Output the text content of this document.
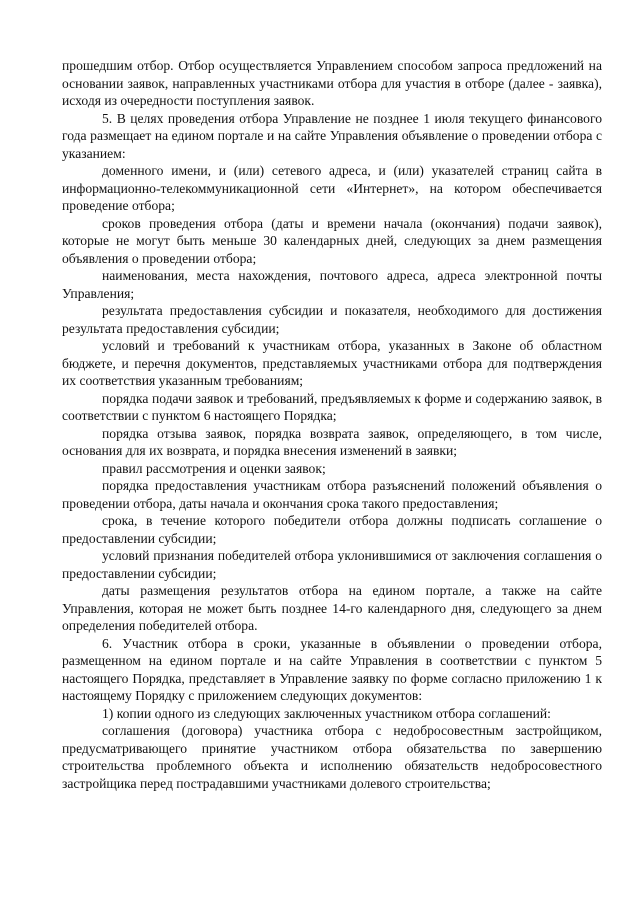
прошедшим отбор. Отбор осуществляется Управлением способом запроса предложений на основании заявок, направленных участниками отбора для участия в отборе (далее - заявка), исходя из очередности поступления заявок.

5. В целях проведения отбора Управление не позднее 1 июля текущего финансового года размещает на едином портале и на сайте Управления объявление о проведении отбора с указанием:

доменного имени, и (или) сетевого адреса, и (или) указателей страниц сайта в информационно-телекоммуникационной сети «Интернет», на котором обеспечивается проведение отбора;

сроков проведения отбора (даты и времени начала (окончания) подачи заявок), которые не могут быть меньше 30 календарных дней, следующих за днем размещения объявления о проведении отбора;

наименования, места нахождения, почтового адреса, адреса электронной почты Управления;

результата предоставления субсидии и показателя, необходимого для достижения результата предоставления субсидии;

условий и требований к участникам отбора, указанных в Законе об областном бюджете, и перечня документов, представляемых участниками отбора для подтверждения их соответствия указанным требованиям;

порядка подачи заявок и требований, предъявляемых к форме и содержанию заявок, в соответствии с пунктом 6 настоящего Порядка;

порядка отзыва заявок, порядка возврата заявок, определяющего, в том числе, основания для их возврата, и порядка внесения изменений в заявки;

правил рассмотрения и оценки заявок;

порядка предоставления участникам отбора разъяснений положений объявления о проведении отбора, даты начала и окончания срока такого предоставления;

срока, в течение которого победители отбора должны подписать соглашение о предоставлении субсидии;

условий признания победителей отбора уклонившимися от заключения соглашения о предоставлении субсидии;

даты размещения результатов отбора на едином портале, а также на сайте Управления, которая не может быть позднее 14-го календарного дня, следующего за днем определения победителей отбора.

6. Участник отбора в сроки, указанные в объявлении о проведении отбора, размещенном на едином портале и на сайте Управления в соответствии с пунктом 5 настоящего Порядка, представляет в Управление заявку по форме согласно приложению 1 к настоящему Порядку с приложением следующих документов:

1) копии одного из следующих заключенных участником отбора соглашений:

соглашения (договора) участника отбора с недобросовестным застройщиком, предусматривающего принятие участником отбора обязательства по завершению строительства проблемного объекта и исполнению обязательств недобросовестного застройщика перед пострадавшими участниками долевого строительства;
